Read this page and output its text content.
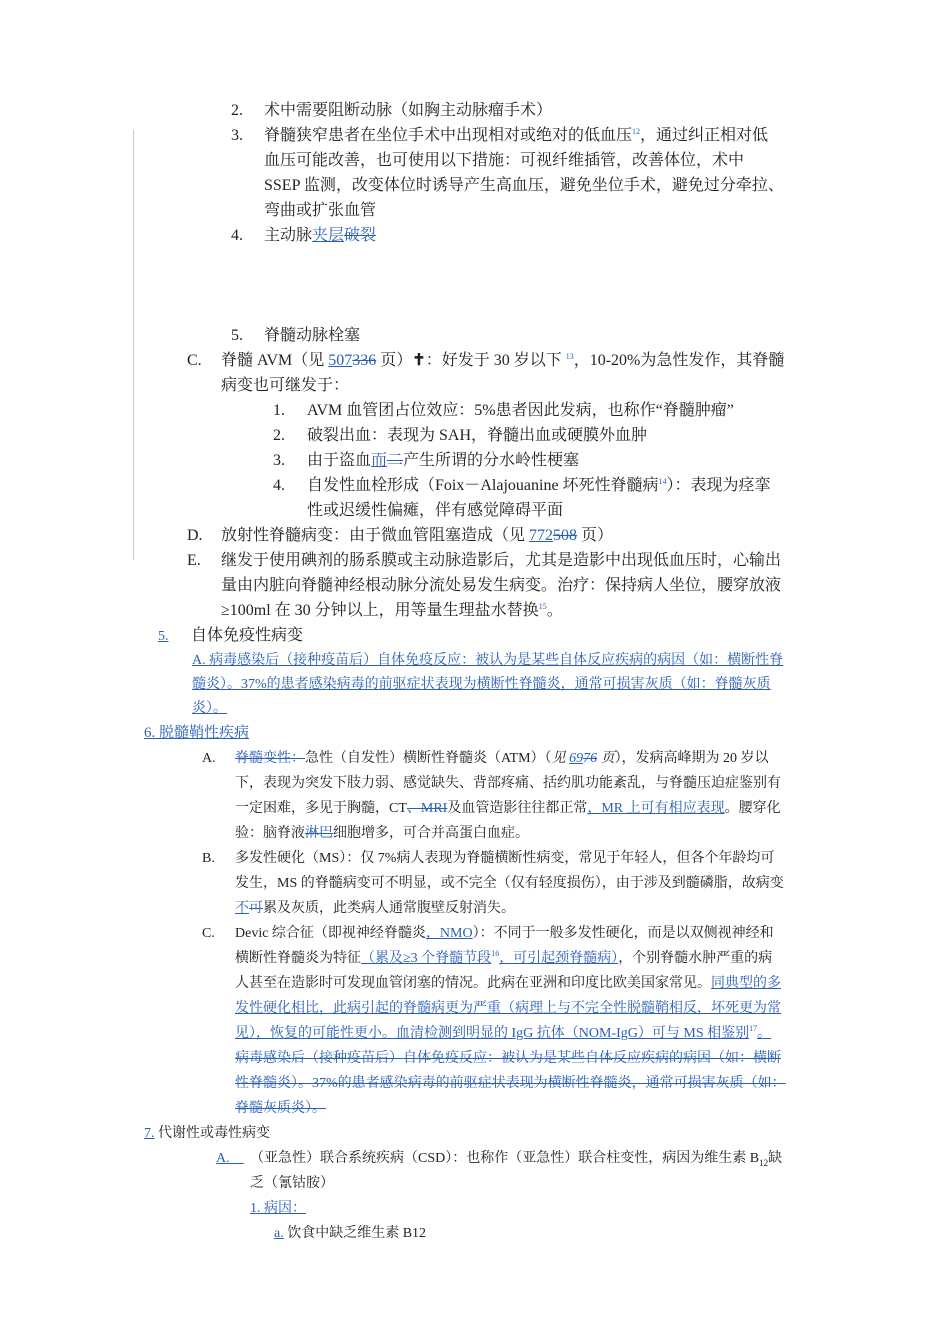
2. 术中需要阻断动脉（如胸主动脉瘤手术）
3. 脊髓狭窄患者在坐位手术中出现相对或绝对的低血压$^{12}$，通过纠正相对低
血压可能改善，也可使用以下措施：可视纤维插管，改善体位，术中
SSEP 监测，改变体位时诱导产生高血压，避免坐位手术，避免过分牵拉、
弯曲或扩张血管
4. 主动脉夹层破裂
5. 脊髓动脉栓塞
C. 脊髓 AVM（见 507336 页）✝：好发于 30 岁以下 $^{13}$，10-20%为急性发作，其脊髓
病变也可继发于：
1. AVM 血管团占位效应：5%患者因此发病，也称作“脊髓肿瘤”
2. 破裂出血：表现为 SAH，脊髓出血或硬膜外血肿
3. 由于盗血而二产生所谓的分水岭性梗塞
4. 自发性血栓形成（Foix－Alajouanine 坏死性脊髓病$^{14}$）：表现为痉挛
性或迟缓性偏瘫，伴有感觉障碍平面
D. 放射性脊髓病变：由于微血管阻塞造成（见 772508 页）
E. 继发于使用碘剂的肠系膜或主动脉造影后，尤其是造影中出现低血压时，心输出
量由内脏向脊髓神经根动脉分流处易发生病变。治疗：保持病人坐位，腰穿放液
≥100ml 在 30 分钟以上，用等量生理盐水替换$^{15}$。
5. 自体免疫性病变
A. 病毒感染后（接种疫苗后）自体免疫反应：被认为是某些自体反应疾病的病因（如：横断性脊
髓炎）。37%的患者感染病毒的前驱症状表现为横断性脊髓炎，通常可损害灰质（如：脊髓灰质
炎）。
6. 脱髓鞘性疾病
A. 脊髓变性：急性（自发性）横断性脊髓炎（ATM）（见 6976 页），发病高峰期为 20 岁以
下，表现为突发下肢力弱、感觉缺失、背部疼痛、括约肌功能紊乱，与脊髓压迫症鉴别有
一定困难，多见于胸髓，CT、MRI及血管造影往往都正常，MR 上可有相应表现。腰穿化
验：脑脊液淋巴细胞增多，可合并高蛋白血症。
B. 多发性硬化（MS）：仅 7%病人表现为脊髓横断性病变，常见于年轻人，但各个年龄均可
发生，MS 的脊髓病变可不明显，或不完全（仅有轻度损伤），由于涉及到髓磷脂，故病变
不可累及灰质，此类病人通常腹壁反射消失。
C. Devic 综合征（即视神经脊髓炎，NMO）：不同于一般多发性硬化，而是以双侧视神经和
横断性脊髓炎为特征（累及≥3 个脊髓节段$^{16}$，可引起颈脊髓病），个别脊髓水肿严重的病
人甚至在造影时可发现血管闭塞的情况。此病在亚洲和印度比欧美国家常见。同典型的多
发性硬化相比，此病引起的脊髓病更为严重（病理上与不完全性脱髓鞘相反，坏死更为常
见），恢复的可能性更小。血清检测到明显的 IgG 抗体（NOM-IgG）可与 MS 相鉴别$^{17}$。
病毒感染后（接种疫苗后）自体免疫反应：被认为是某些自体反应疾病的病因（如：横断
性脊髓炎）。37%的患者感染病毒的前驱症状表现为横断性脊髓炎，通常可损害灰质（如：
脊髓灰质炎）。
7. 代谢性或毒性病变
A.	（亚急性）联合系统疾病（CSD）：也称作（亚急性）联合柱变性，病因为维生素 $B_{12}$缺
乏（氰钴胺）
1. 病因：
a. 饮食中缺乏维生素 B12
